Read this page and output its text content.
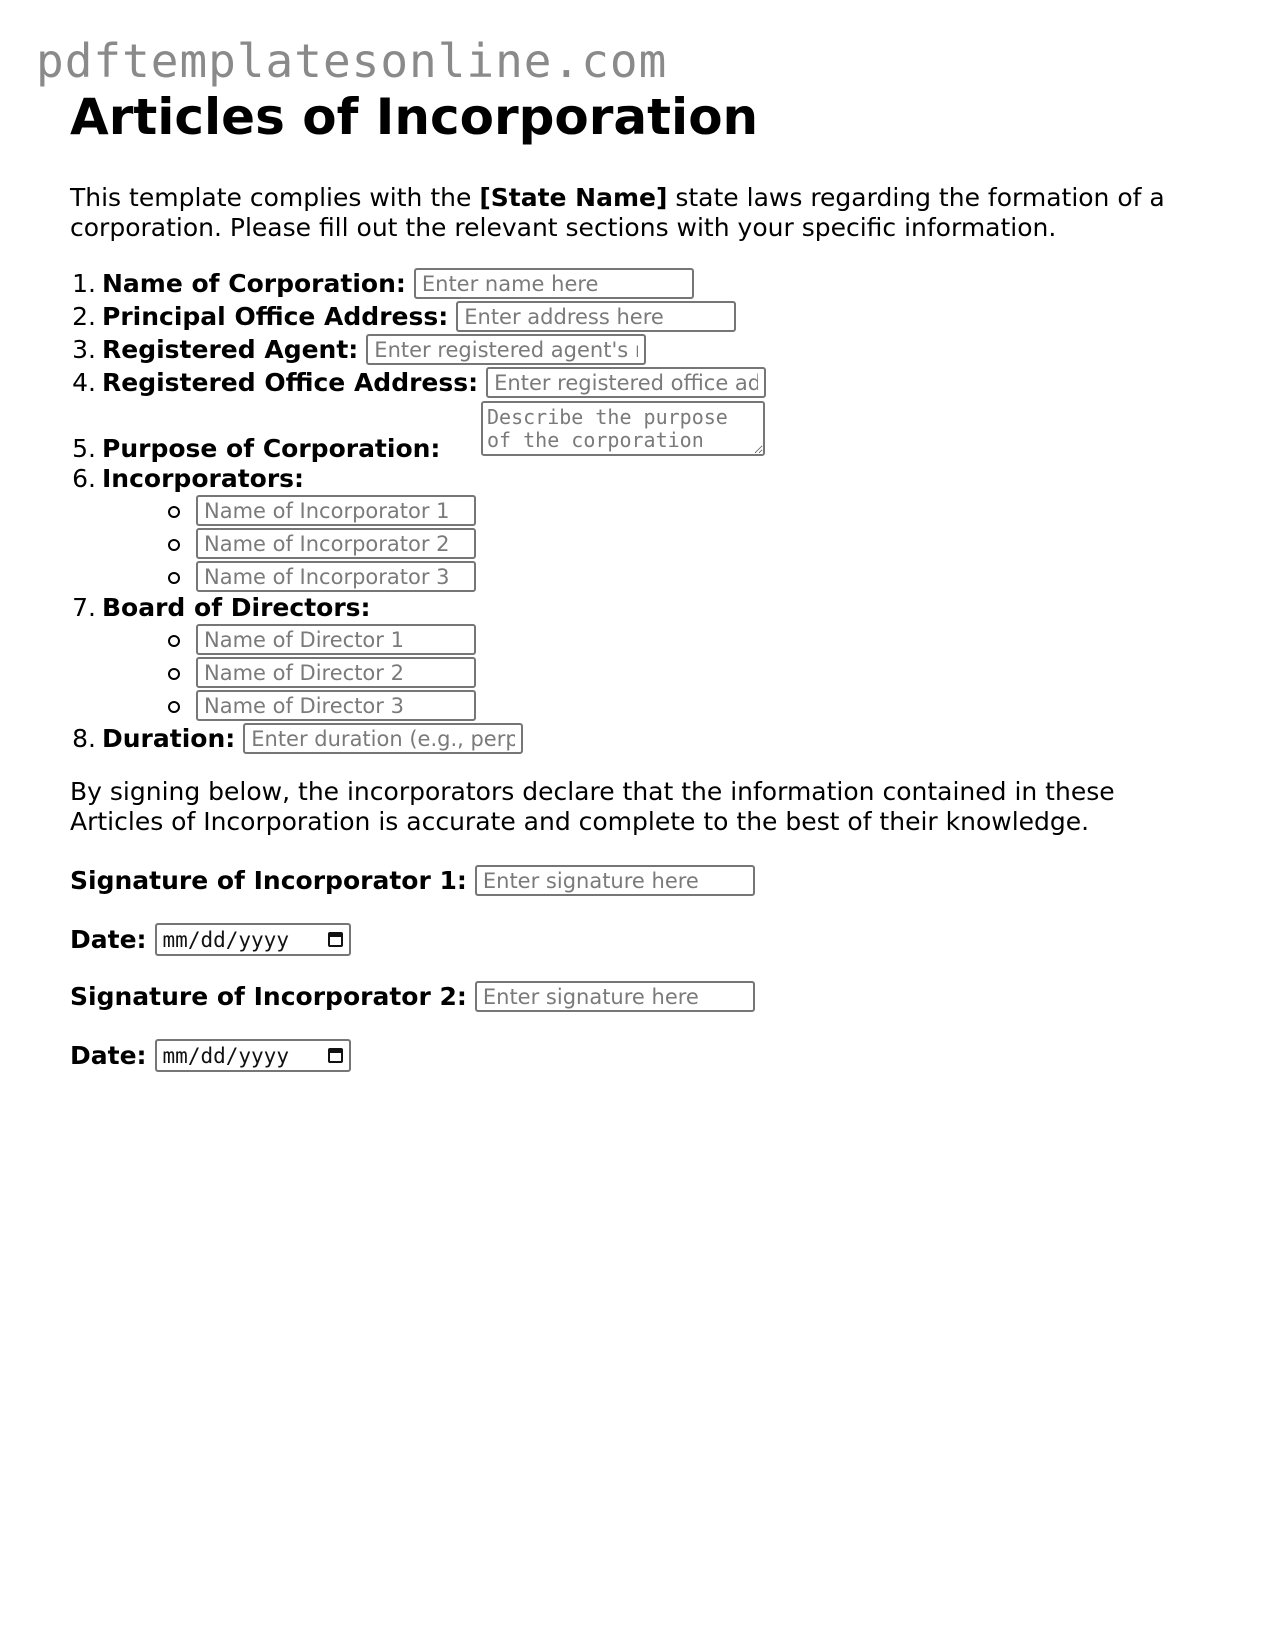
pdftemplatesonline.com
Articles of Incorporation

This template complies with the [State Name] state laws regarding the formation of a corporation. Please fill out the relevant sections with your specific information.

1. Name of Corporation:
Enter name here
2. Principal Office Address:
Enter address here
3. Registered Agent:
Enter registered agent's name
4. Registered Office Address:
Enter registered office address
5. Purpose of Corporation:
Describe the purpose of the corporation
6. Incorporators:
Name of Incorporator 1
Name of Incorporator 2
Name of Incorporator 3
7. Board of Directors:
Name of Director 1
Name of Director 2
Name of Director 3
8. Duration:
Enter duration (e.g., perpetual)

By signing below, the incorporators declare that the information contained in these Articles of Incorporation is accurate and complete to the best of their knowledge.

Signature of Incorporator 1:
Enter signature here
Date: mm/dd/yyyy
Signature of Incorporator 2:
Enter signature here
Date: mm/dd/yyyy
